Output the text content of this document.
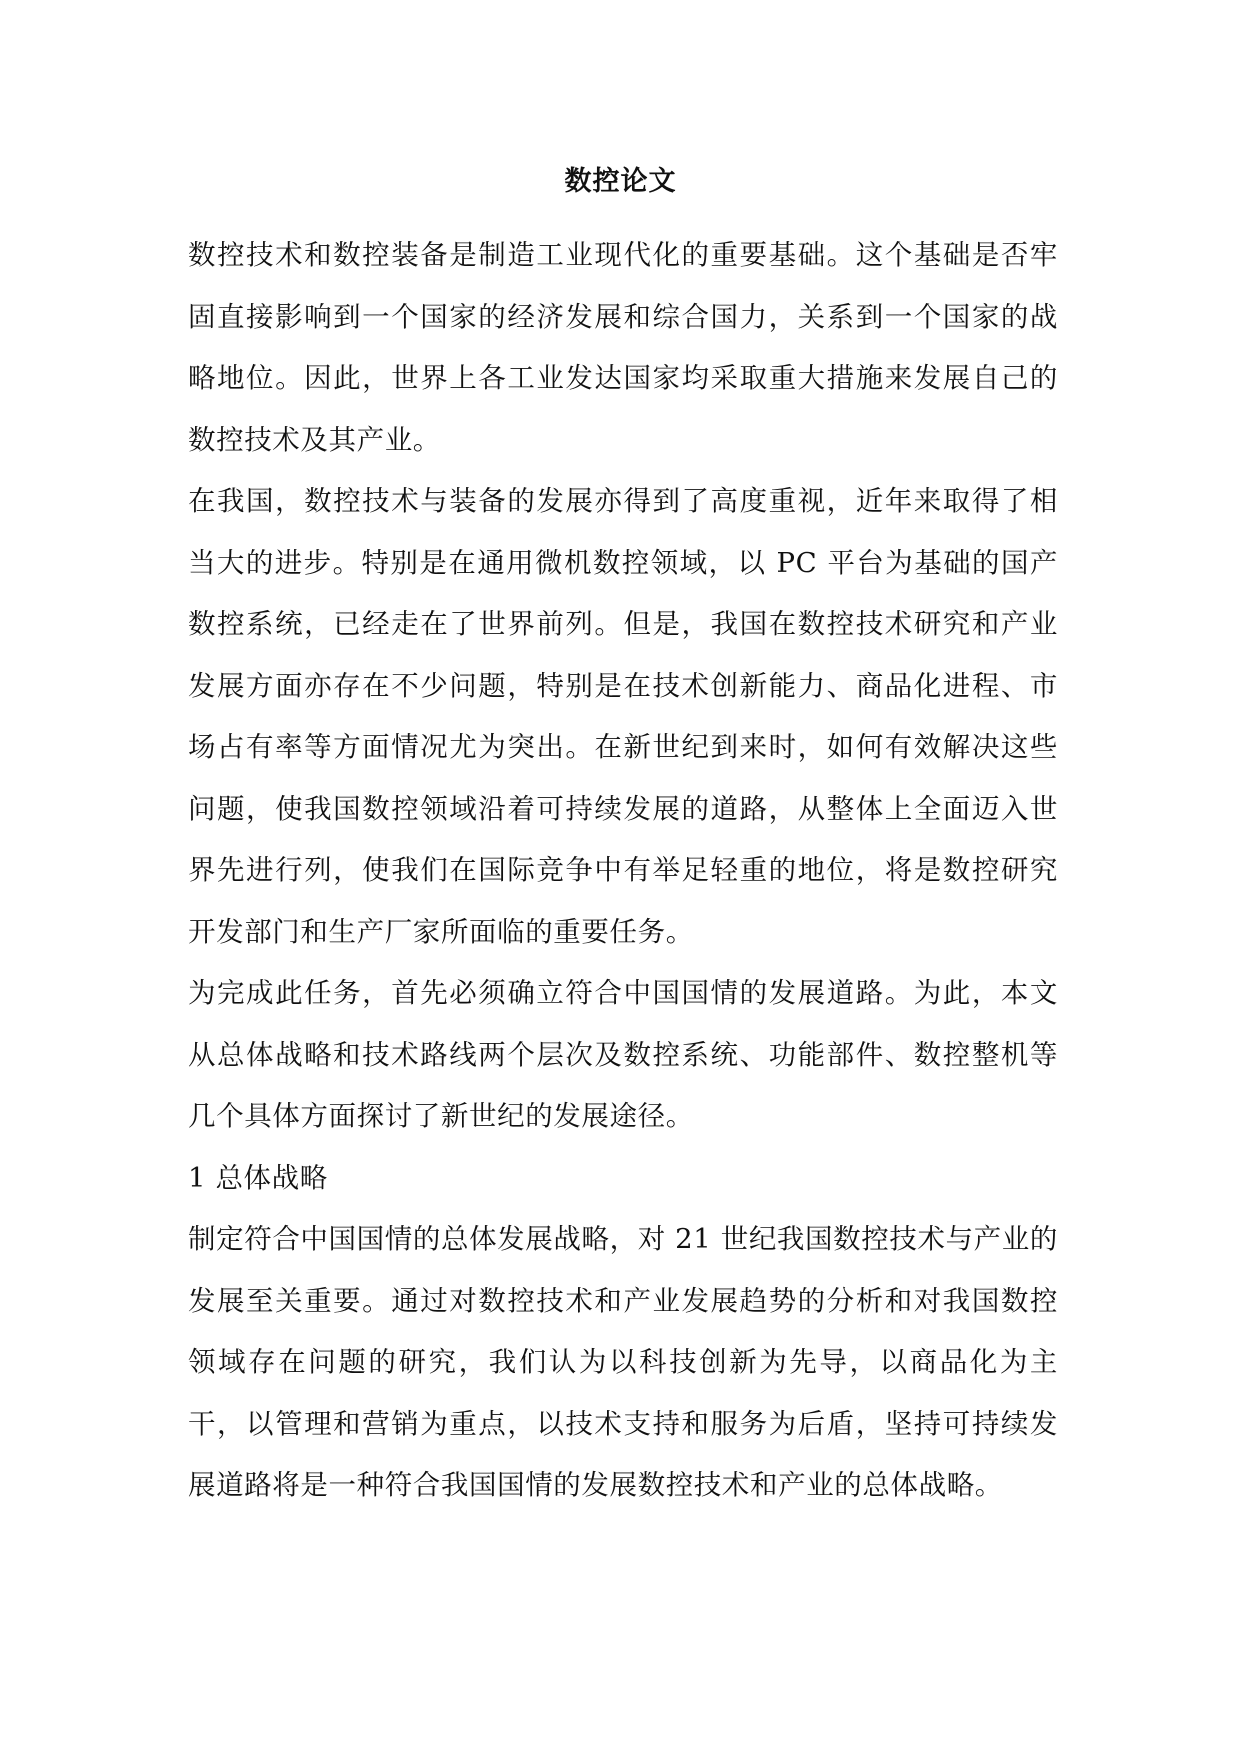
数控论文

数控技术和数控装备是制造工业现代化的重要基础。这个基础是否牢固直接影响到一个国家的经济发展和综合国力，关系到一个国家的战略地位。因此，世界上各工业发达国家均采取重大措施来发展自己的数控技术及其产业。

在我国，数控技术与装备的发展亦得到了高度重视，近年来取得了相当大的进步。特别是在通用微机数控领域，以 PC 平台为基础的国产数控系统，已经走在了世界前列。但是，我国在数控技术研究和产业发展方面亦存在不少问题，特别是在技术创新能力、商品化进程、市场占有率等方面情况尤为突出。在新世纪到来时，如何有效解决这些问题，使我国数控领域沿着可持续发展的道路，从整体上全面迈入世界先进行列，使我们在国际竞争中有举足轻重的地位，将是数控研究开发部门和生产厂家所面临的重要任务。

为完成此任务，首先必须确立符合中国国情的发展道路。为此，本文从总体战略和技术路线两个层次及数控系统、功能部件、数控整机等几个具体方面探讨了新世纪的发展途径。

1 总体战略

制定符合中国国情的总体发展战略，对 21 世纪我国数控技术与产业的发展至关重要。通过对数控技术和产业发展趋势的分析和对我国数控领域存在问题的研究，我们认为以科技创新为先导，以商品化为主干，以管理和营销为重点，以技术支持和服务为后盾，坚持可持续发展道路将是一种符合我国国情的发展数控技术和产业的总体战略。
